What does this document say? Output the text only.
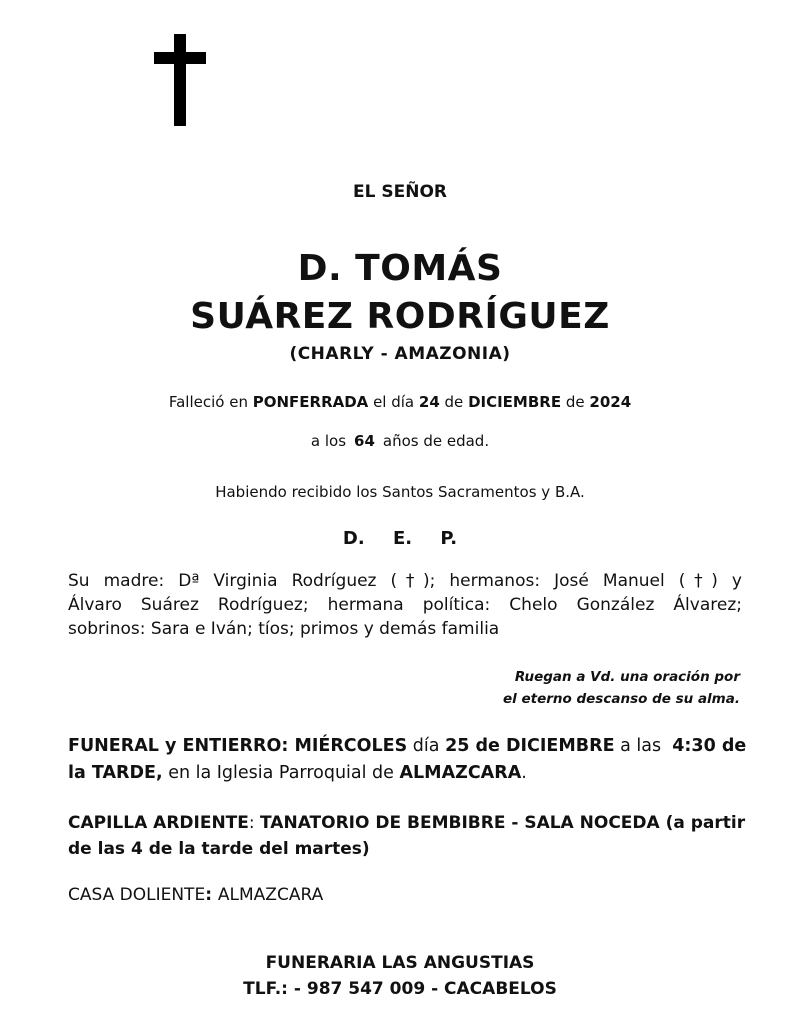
EL SEÑOR
D. TOMÁS
SUÁREZ RODRÍGUEZ
(CHARLY - AMAZONIA)
Falleció en PONFERRADA el día 24 de DICIEMBRE de 2024
a los 64 años de edad.
Habiendo recibido los Santos Sacramentos y B.A.
D. E. P.
Su madre: Dª Virginia Rodríguez (†); hermanos: José Manuel (†) y
Álvaro Suárez Rodríguez; hermana política: Chelo González Álvarez;
sobrinos: Sara e Iván; tíos; primos y demás familia
Ruegan a Vd. una oración por
el eterno descanso de su alma.
FUNERAL y ENTIERRO: MIÉRCOLES día 25 de DICIEMBRE a las  4:30 de la TARDE, en la Iglesia Parroquial de ALMAZCARA.
CAPILLA ARDIENTE: TANATORIO DE BEMBIBRE - SALA NOCEDA (a partir de las 4 de la tarde del martes)
CASA DOLIENTE: ALMAZCARA
FUNERARIA LAS ANGUSTIAS
TLF.: - 987 547 009 - CACABELOS
